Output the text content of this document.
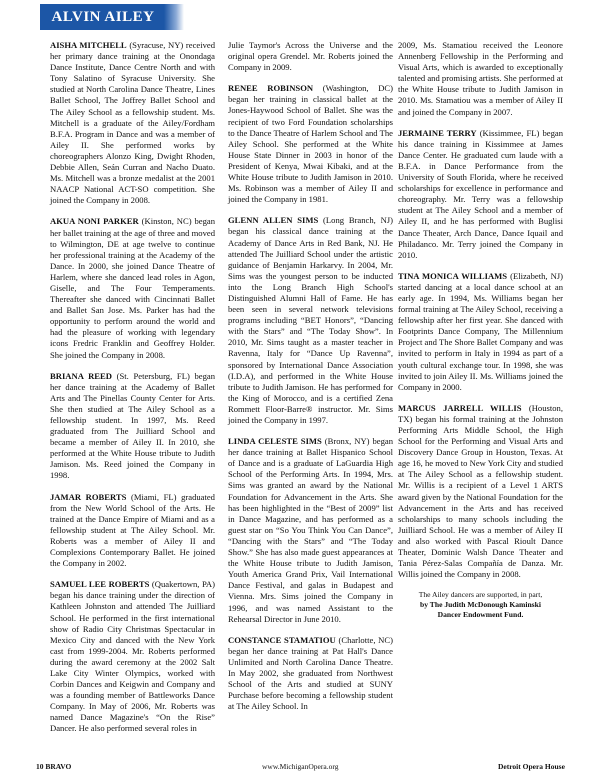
ALVIN AILEY

AISHA MITCHELL (Syracuse, NY) received her primary dance training at the Onondaga Dance Institute, Dance Centre North and with Tony Salatino of Syracuse University. She studied at North Carolina Dance Theatre, Lines Ballet School, The Joffrey Ballet School and The Ailey School as a fellowship student. Ms. Mitchell is a graduate of the Ailey/Fordham B.F.A. Program in Dance and was a member of Ailey II. She performed works by choreographers Alonzo King, Dwight Rhoden, Debbie Allen, Seán Curran and Nacho Duato. Ms. Mitchell was a bronze medalist at the 2001 NAACP National ACT-SO competition. She joined the Company in 2008.

AKUA NONI PARKER (Kinston, NC) began her ballet training at the age of three and moved to Wilmington, DE at age twelve to continue her professional training at the Academy of the Dance. In 2000, she joined Dance Theatre of Harlem, where she danced lead roles in Agon, Giselle, and The Four Temperaments. Thereafter she danced with Cincinnati Ballet and Ballet San Jose. Ms. Parker has had the opportunity to perform around the world and had the pleasure of working with legendary icons Fredric Franklin and Geoffrey Holder. She joined the Company in 2008.

BRIANA REED (St. Petersburg, FL) began her dance training at the Academy of Ballet Arts and The Pinellas County Center for Arts. She then studied at The Ailey School as a fellowship student. In 1997, Ms. Reed graduated from The Juilliard School and became a member of Ailey II. In 2010, she performed at the White House tribute to Judith Jamison. Ms. Reed joined the Company in 1998.

JAMAR ROBERTS (Miami, FL) graduated from the New World School of the Arts. He trained at the Dance Empire of Miami and as a fellowship student at The Ailey School. Mr. Roberts was a member of Ailey II and Complexions Contemporary Ballet. He joined the Company in 2002.

SAMUEL LEE ROBERTS (Quakertown, PA) began his dance training under the direction of Kathleen Johnston and attended The Juilliard School. He performed in the first international show of Radio City Christmas Spectacular in Mexico City and danced with the New York cast from 1999-2004. Mr. Roberts performed during the award ceremony at the 2002 Salt Lake City Winter Olympics, worked with Corbin Dances and Keigwin and Company and was a founding member of Battleworks Dance Company. In May of 2006, Mr. Roberts was named Dance Magazine's “On the Rise” Dancer. He also performed several roles in

Julie Taymor's Across the Universe and the original opera Grendel. Mr. Roberts joined the Company in 2009.

RENEE ROBINSON (Washington, DC) began her training in classical ballet at the Jones-Haywood School of Ballet. She was the recipient of two Ford Foundation scholarships to the Dance Theatre of Harlem School and The Ailey School. She performed at the White House State Dinner in 2003 in honor of the President of Kenya, Mwai Kibaki, and at the White House tribute to Judith Jamison in 2010. Ms. Robinson was a member of Ailey II and joined the Company in 1981.

GLENN ALLEN SIMS (Long Branch, NJ) began his classical dance training at the Academy of Dance Arts in Red Bank, NJ. He attended The Juilliard School under the artistic guidance of Benjamin Harkarvy. In 2004, Mr. Sims was the youngest person to be inducted into the Long Branch High School's Distinguished Alumni Hall of Fame. He has been seen in several network televisions programs including “BET Honors”, “Dancing with the Stars” and “The Today Show”. In 2010, Mr. Sims taught as a master teacher in Ravenna, Italy for “Dance Up Ravenna”, sponsored by International Dance Association (I.D.A), and performed in the White House tribute to Judith Jamison. He has performed for the King of Morocco, and is a certified Zena Rommett Floor-Barre® instructor. Mr. Sims joined the Company in 1997.

LINDA CELESTE SIMS (Bronx, NY) began her dance training at Ballet Hispanico School of Dance and is a graduate of LaGuardia High School of the Performing Arts. In 1994, Mrs. Sims was granted an award by the National Foundation for Advancement in the Arts. She has been highlighted in the “Best of 2009” list in Dance Magazine, and has performed as a guest star on “So You Think You Can Dance”, “Dancing with the Stars” and “The Today Show.” She has also made guest appearances at the White House tribute to Judith Jamison, Youth America Grand Prix, Vail International Dance Festival, and galas in Budapest and Vienna. Mrs. Sims joined the Company in 1996, and was named Assistant to the Rehearsal Director in June 2010.

CONSTANCE STAMATIOU (Charlotte, NC) began her dance training at Pat Hall's Dance Unlimited and North Carolina Dance Theatre. In May 2002, she graduated from Northwest School of the Arts and studied at SUNY Purchase before becoming a fellowship student at The Ailey School. In

2009, Ms. Stamatiou received the Leonore Annenberg Fellowship in the Performing and Visual Arts, which is awarded to exceptionally talented and promising artists. She performed at the White House tribute to Judith Jamison in 2010. Ms. Stamatiou was a member of Ailey II and joined the Company in 2007.

JERMAINE TERRY (Kissimmee, FL) began his dance training in Kissimmee at James Dance Center. He graduated cum laude with a B.F.A. in Dance Performance from the University of South Florida, where he received scholarships for excellence in performance and choreography. Mr. Terry was a fellowship student at The Ailey School and a member of Ailey II, and he has performed with Buglisi Dance Theater, Arch Dance, Dance Iquail and Philadanco. Mr. Terry joined the Company in 2010.

TINA MONICA WILLIAMS (Elizabeth, NJ) started dancing at a local dance school at an early age. In 1994, Ms. Williams began her formal training at The Ailey School, receiving a fellowship after her first year. She danced with Footprints Dance Company, The Millennium Project and The Shore Ballet Company and was invited to perform in Italy in 1994 as part of a youth cultural exchange tour. In 1998, she was invited to join Ailey II. Ms. Williams joined the Company in 2000.

MARCUS JARRELL WILLIS (Houston, TX) began his formal training at the Johnston Performing Arts Middle School, the High School for the Performing and Visual Arts and Discovery Dance Group in Houston, Texas. At age 16, he moved to New York City and studied at The Ailey School as a fellowship student. Mr. Willis is a recipient of a Level 1 ARTS award given by the National Foundation for the Advancement in the Arts and has received scholarships to many schools including the Juilliard School. He was a member of Ailey II and also worked with Pascal Rioult Dance Theater, Dominic Walsh Dance Theater and Tania Pérez-Salas Compañía de Danza. Mr. Willis joined the Company in 2008.

The Ailey dancers are supported, in part,
by The Judith McDonough Kaminski
Dancer Endowment Fund.
10 BRAVO	www.MichiganOpera.org	Detroit Opera House
